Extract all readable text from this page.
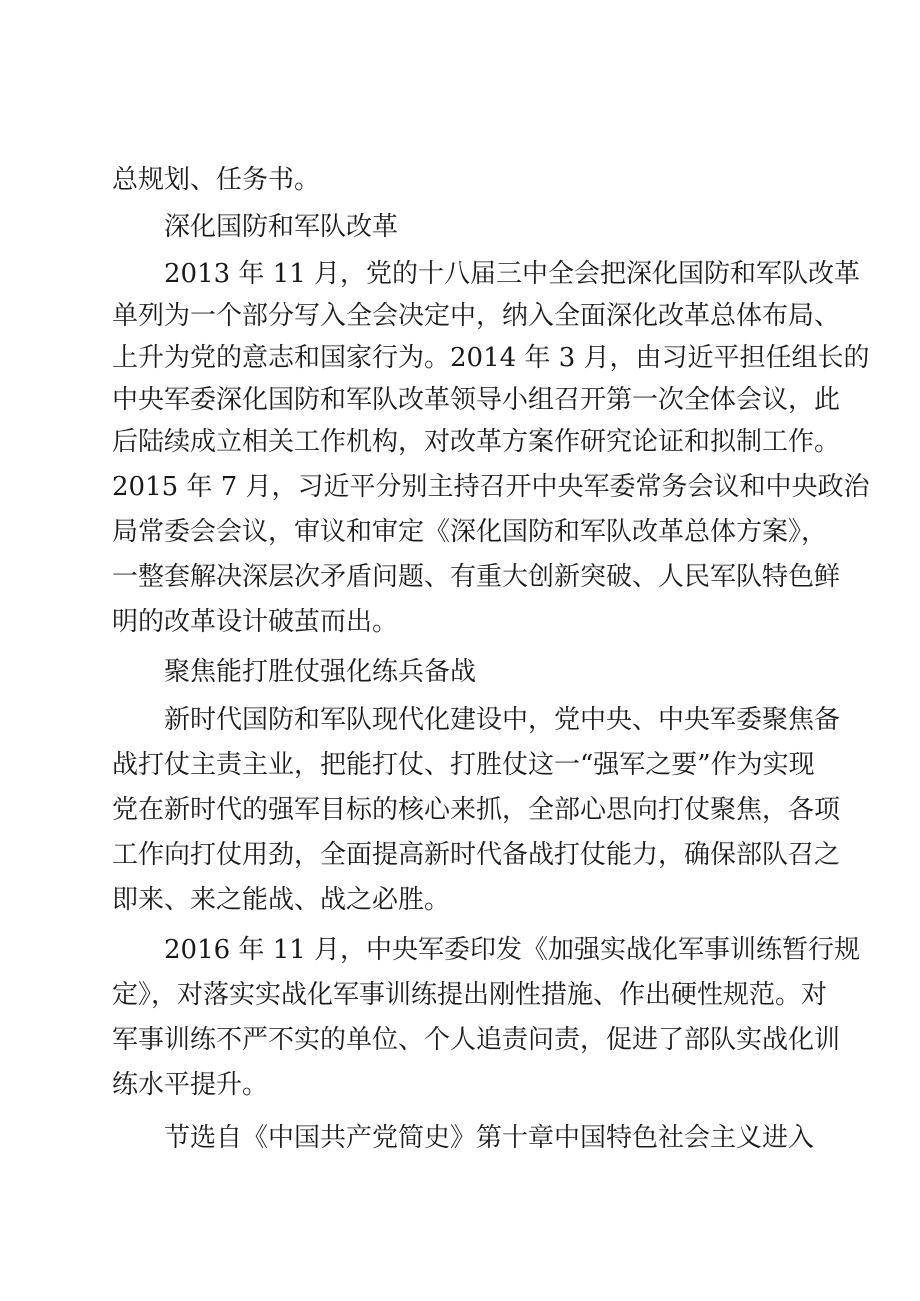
总规划、任务书。

深化国防和军队改革

2013 年 11 月，党的十八届三中全会把深化国防和军队改革

单列为一个部分写入全会决定中，纳入全面深化改革总体布局、

上升为党的意志和国家行为。2014 年 3 月，由习近平担任组长的

中央军委深化国防和军队改革领导小组召开第一次全体会议，此

后陆续成立相关工作机构，对改革方案作研究论证和拟制工作。

2015 年 7 月，习近平分别主持召开中央军委常务会议和中央政治

局常委会会议，审议和审定《深化国防和军队改革总体方案》，

一整套解决深层次矛盾问题、有重大创新突破、人民军队特色鲜

明的改革设计破茧而出。

聚焦能打胜仗强化练兵备战

新时代国防和军队现代化建设中，党中央、中央军委聚焦备

战打仗主责主业，把能打仗、打胜仗这一“强军之要”作为实现

党在新时代的强军目标的核心来抓，全部心思向打仗聚焦，各项

工作向打仗用劲，全面提高新时代备战打仗能力，确保部队召之

即来、来之能战、战之必胜。

2016 年 11 月，中央军委印发《加强实战化军事训练暂行规

定》，对落实实战化军事训练提出刚性措施、作出硬性规范。对

军事训练不严不实的单位、个人追责问责，促进了部队实战化训

练水平提升。

节选自《中国共产党简史》第十章中国特色社会主义进入
